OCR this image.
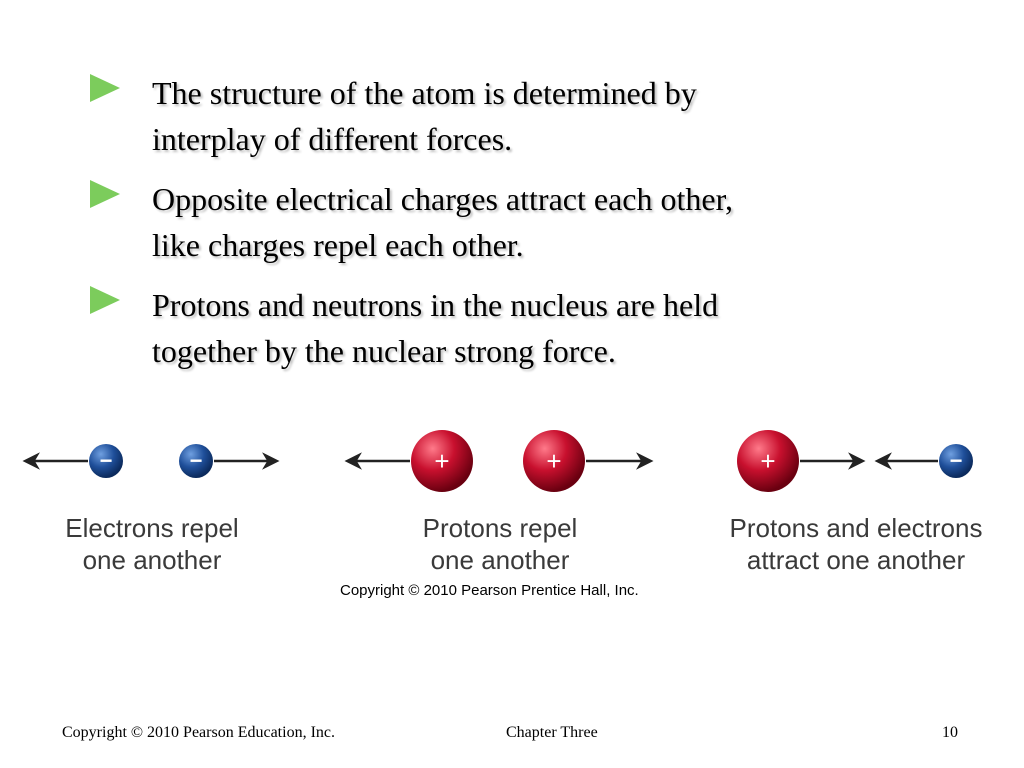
The structure of the atom is determined by
interplay of different forces.
Opposite electrical charges attract each other,
like charges repel each other.
Protons and neutrons in the nucleus are held
together by the nuclear strong force.
−	−	+	+	+	−
Electrons repel
one another
Protons repel
one another
Protons and electrons
attract one another
Copyright © 2010 Pearson Prentice Hall, Inc.
Copyright © 2010 Pearson Education, Inc.	Chapter Three	10
